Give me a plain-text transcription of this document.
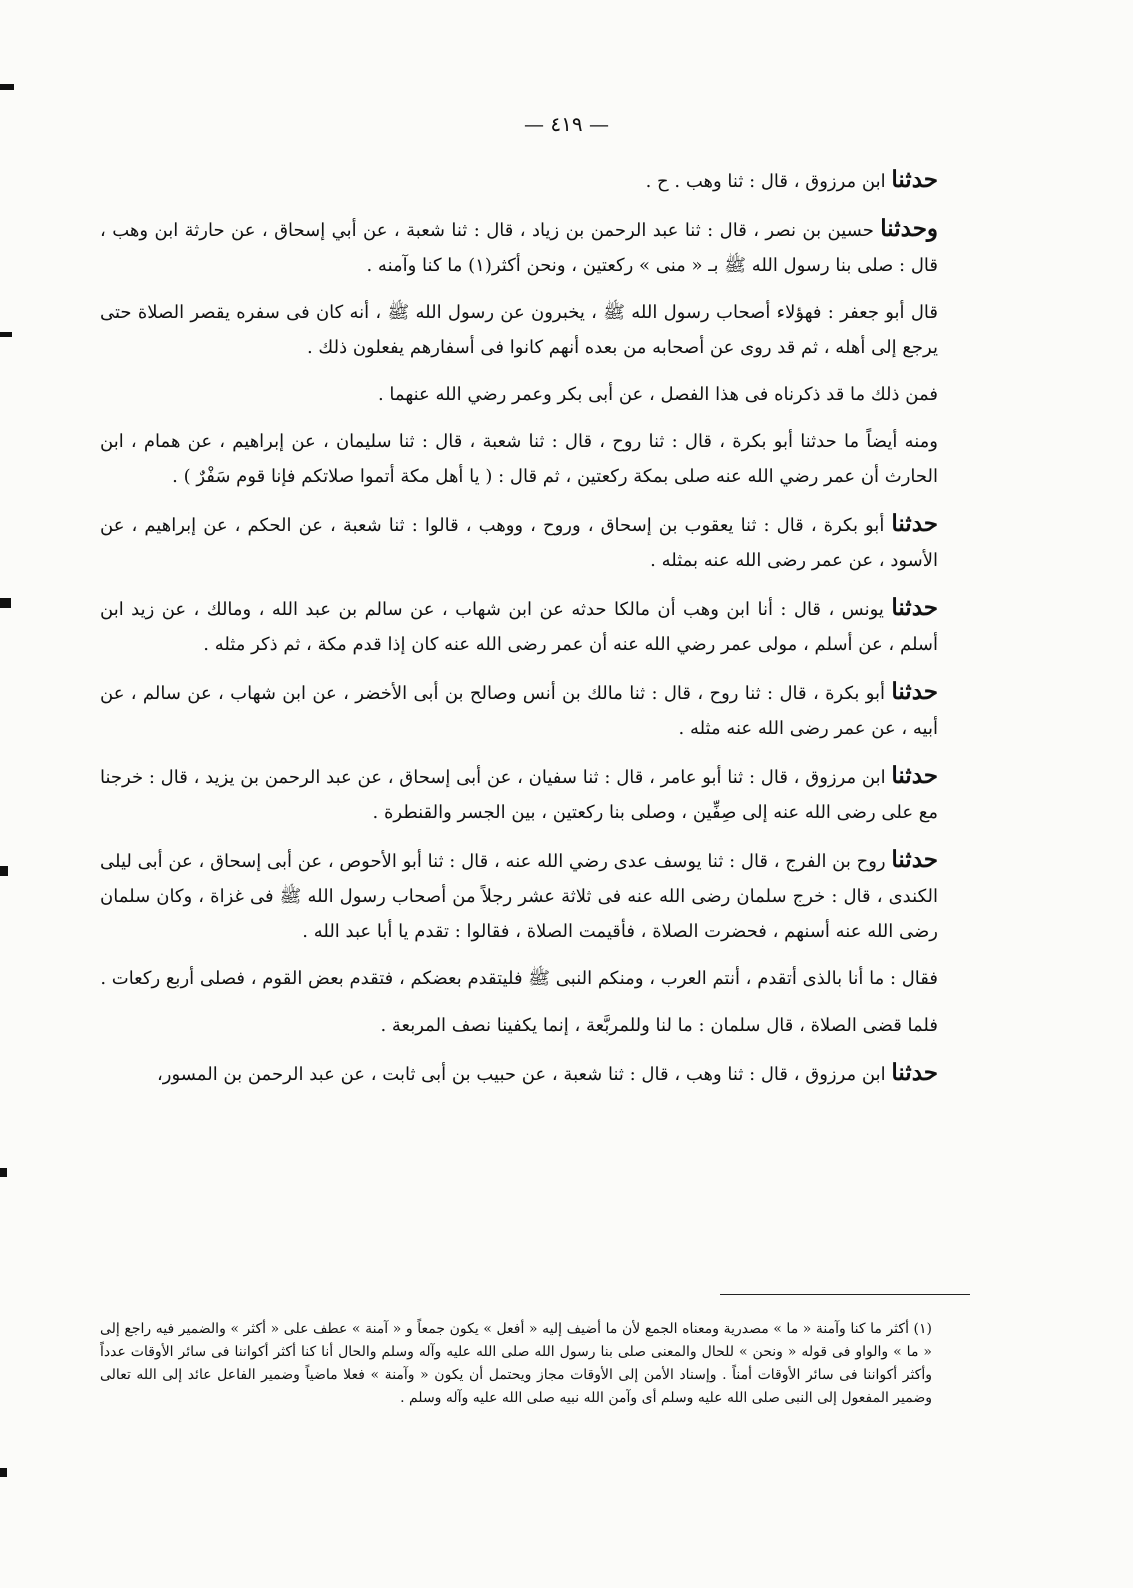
— ٤١٩ —

حدثنا ابن مرزوق ، قال : ثنا وهب . ح .

وحدثنا حسين بن نصر ، قال : ثنا عبد الرحمن بن زياد ، قال : ثنا شعبة ، عن أبي إسحاق ، عن حارثة ابن وهب ، قال : صلى بنا رسول الله ﷺ بـ « منى » ركعتين ، ونحن أكثر(١) ما كنا وآمنه .

قال أبو جعفر : فهؤلاء أصحاب رسول الله ﷺ ، يخبرون عن رسول الله ﷺ ، أنه كان فى سفره يقصر الصلاة حتى يرجع إلى أهله ، ثم قد روى عن أصحابه من بعده أنهم كانوا فى أسفارهم يفعلون ذلك .

فمن ذلك ما قد ذكرناه فى هذا الفصل ، عن أبى بكر وعمر رضي الله عنهما .

ومنه أيضاً ما حدثنا أبو بكرة ، قال : ثنا روح ، قال : ثنا شعبة ، قال : ثنا سليمان ، عن إبراهيم ، عن همام ، ابن الحارث أن عمر رضي الله عنه صلى بمكة ركعتين ، ثم قال : ( يا أهل مكة أتموا صلاتكم فإنا قوم سَفْرٌ ) .

حدثنا أبو بكرة ، قال : ثنا يعقوب بن إسحاق ، وروح ، ووهب ، قالوا : ثنا شعبة ، عن الحكم ، عن إبراهيم ، عن الأسود ، عن عمر رضى الله عنه بمثله .

حدثنا يونس ، قال : أنا ابن وهب أن مالكا حدثه عن ابن شهاب ، عن سالم بن عبد الله ، ومالك ، عن زيد ابن أسلم ، عن أسلم ، مولى عمر رضي الله عنه أن عمر رضى الله عنه كان إذا قدم مكة ، ثم ذكر مثله .

حدثنا أبو بكرة ، قال : ثنا روح ، قال : ثنا مالك بن أنس وصالح بن أبى الأخضر ، عن ابن شهاب ، عن سالم ، عن أبيه ، عن عمر رضى الله عنه مثله .

حدثنا ابن مرزوق ، قال : ثنا أبو عامر ، قال : ثنا سفيان ، عن أبى إسحاق ، عن عبد الرحمن بن يزيد ، قال : خرجنا مع على رضى الله عنه إلى صِفِّين ، وصلى بنا ركعتين ، بين الجسر والقنطرة .

حدثنا روح بن الفرج ، قال : ثنا يوسف عدى رضي الله عنه ، قال : ثنا أبو الأحوص ، عن أبى إسحاق ، عن أبى ليلى الكندى ، قال : خرج سلمان رضى الله عنه فى ثلاثة عشر رجلاً من أصحاب رسول الله ﷺ فى غزاة ، وكان سلمان رضى الله عنه أسنهم ، فحضرت الصلاة ، فأقيمت الصلاة ، فقالوا : تقدم يا أبا عبد الله .

فقال : ما أنا بالذى أتقدم ، أنتم العرب ، ومنكم النبى ﷺ فليتقدم بعضكم ، فتقدم بعض القوم ، فصلى أربع ركعات .

فلما قضى الصلاة ، قال سلمان : ما لنا وللمربَّعة ، إنما يكفينا نصف المربعة .

حدثنا ابن مرزوق ، قال : ثنا وهب ، قال : ثنا شعبة ، عن حبيب بن أبى ثابت ، عن عبد الرحمن بن المسور،

(١) أكثر ما كنا وآمنة « ما » مصدرية ومعناه الجمع لأن ما أضيف إليه « أفعل » يكون جمعاً و « آمنة » عطف على « أكثر » والضمير فيه راجع إلى « ما » والواو فى قوله « ونحن » للحال والمعنى صلى بنا رسول الله صلى الله عليه وآله وسلم والحال أنا كنا أكثر أكواننا فى سائر الأوقات عدداً وأكثر أكواننا فى سائر الأوقات أمناً . وإسناد الأمن إلى الأوقات مجاز ويحتمل أن يكون « وآمنة » فعلا ماضياً وضمير الفاعل عائد إلى الله تعالى وضمير المفعول إلى النبى صلى الله عليه وسلم أى وآمن الله نبيه صلى الله عليه وآله وسلم .
